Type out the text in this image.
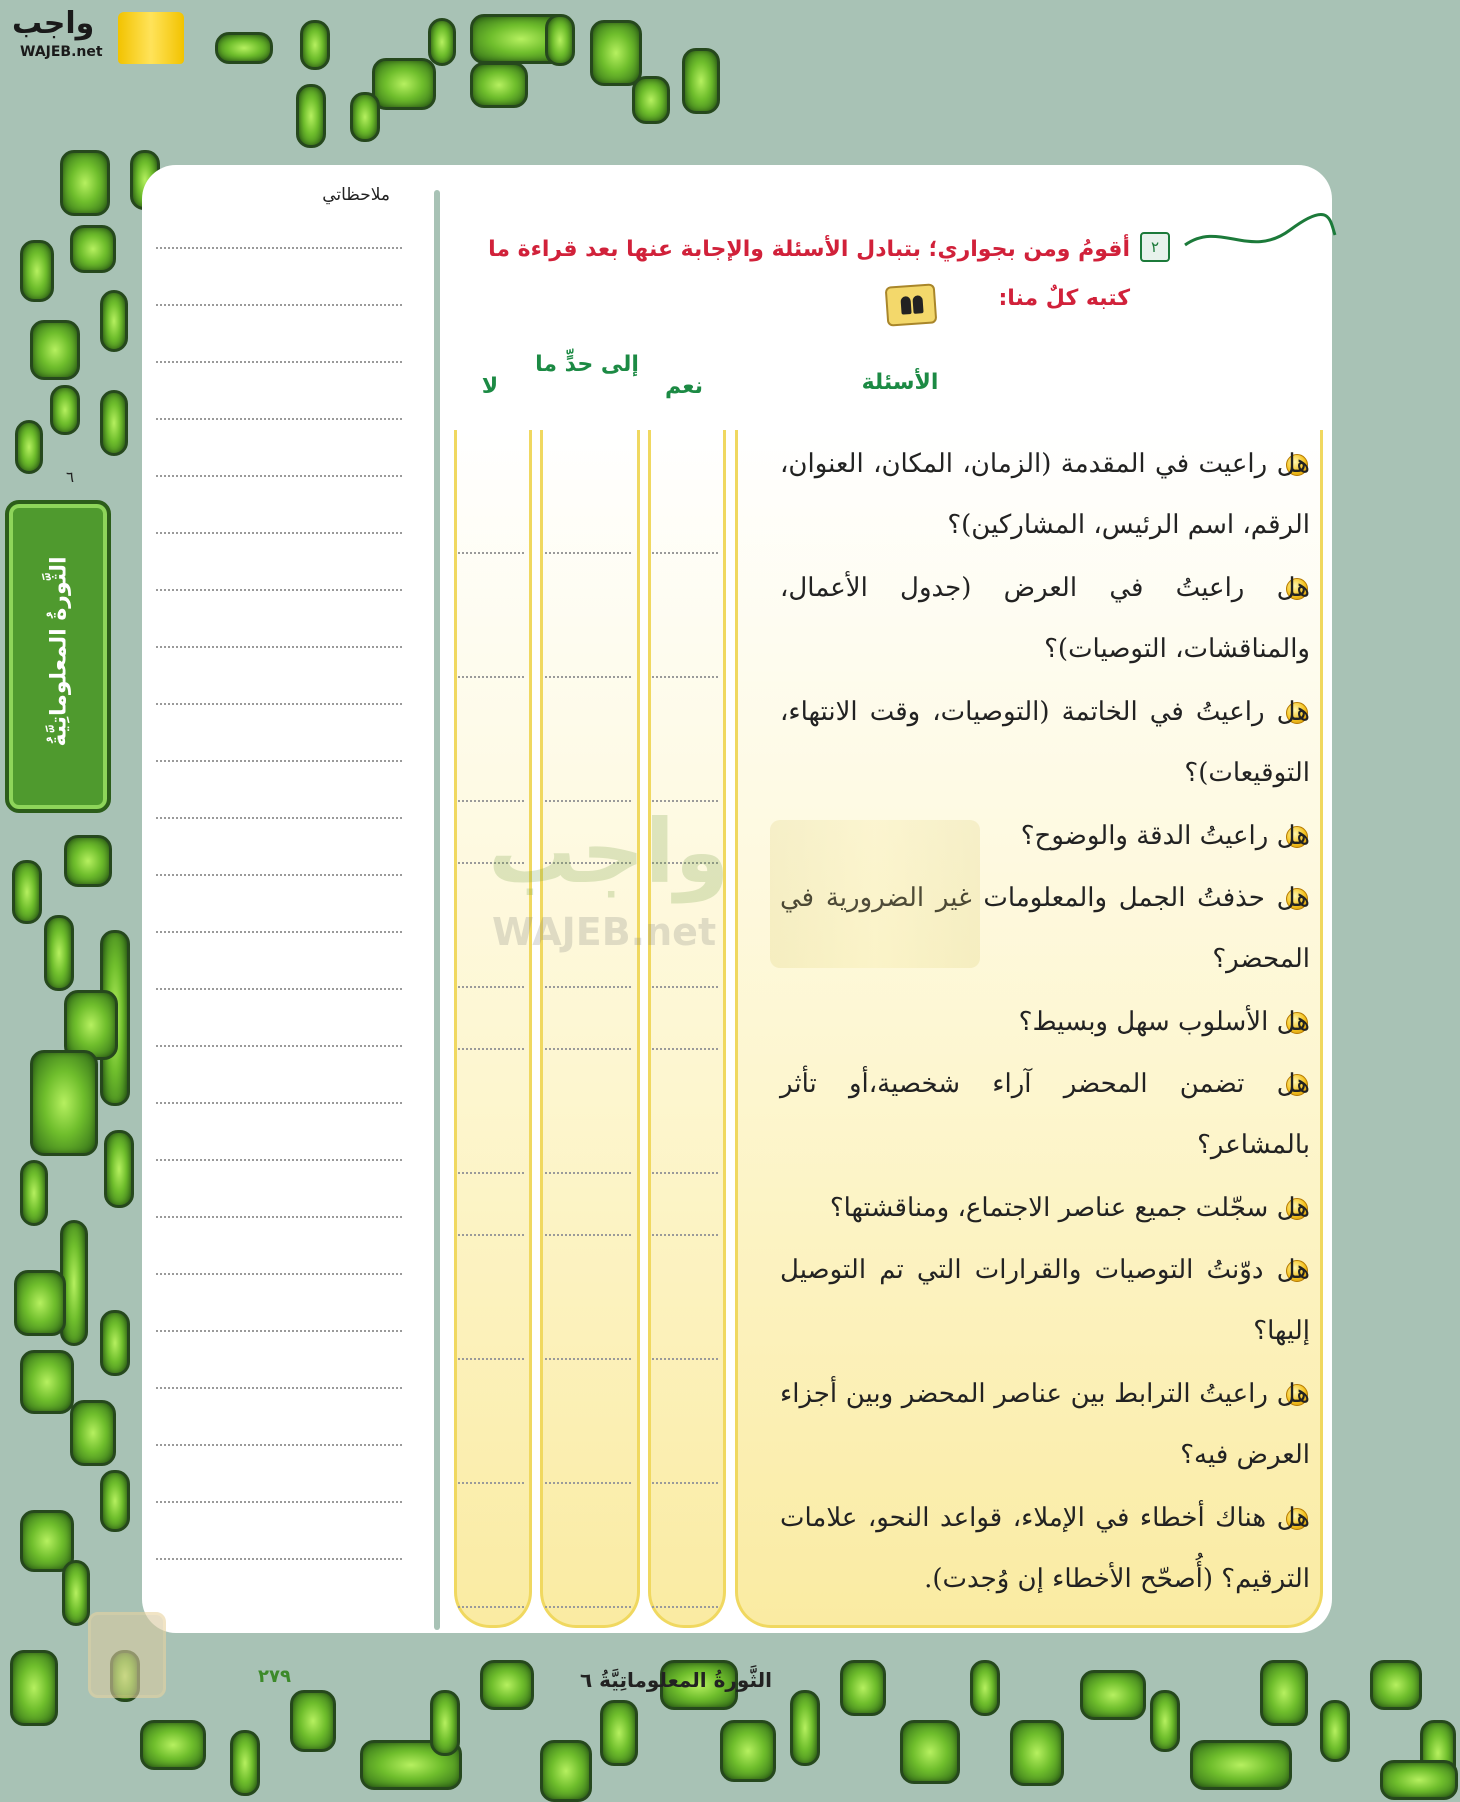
واجب
WAJEB.net
الثَّورةُ المعلوماتِيَّةُ
٦
ملاحظاتي
٢
أقومُ ومن بجواري؛ بتبادل الأسئلة والإجابة عنها بعد قراءة ما كتبه كلٌ منا:
الأسئلة
نعم
إلى حدٍّ ما
لا
هل راعيت في المقدمة (الزمان، المكان، العنوان، الرقم، اسم الرئيس، المشاركين)؟
هل راعيتُ في العرض (جدول الأعمال، والمناقشات، التوصيات)؟
هل راعيتُ في الخاتمة (التوصيات، وقت الانتهاء، التوقيعات)؟
هل راعيتُ الدقة والوضوح؟
هل حذفتُ الجمل والمعلومات غير الضرورية في المحضر؟
هل الأسلوب سهل وبسيط؟
هل تضمن المحضر آراء شخصية،أو تأثر بالمشاعر؟
هل سجّلت جميع عناصر الاجتماع، ومناقشتها؟
هل دوّنتُ التوصيات والقرارات التي تم التوصيل إليها؟
هل راعيتُ الترابط بين عناصر المحضر وبين أجزاء العرض فيه؟
هل هناك أخطاء في الإملاء، قواعد النحو، علامات الترقيم؟ (أُصحّح الأخطاء إن وُجدت).
واجب
WAJEB.net
الثَّورةُ المعلوماتِيَّةُ ٦
٢٧٩
